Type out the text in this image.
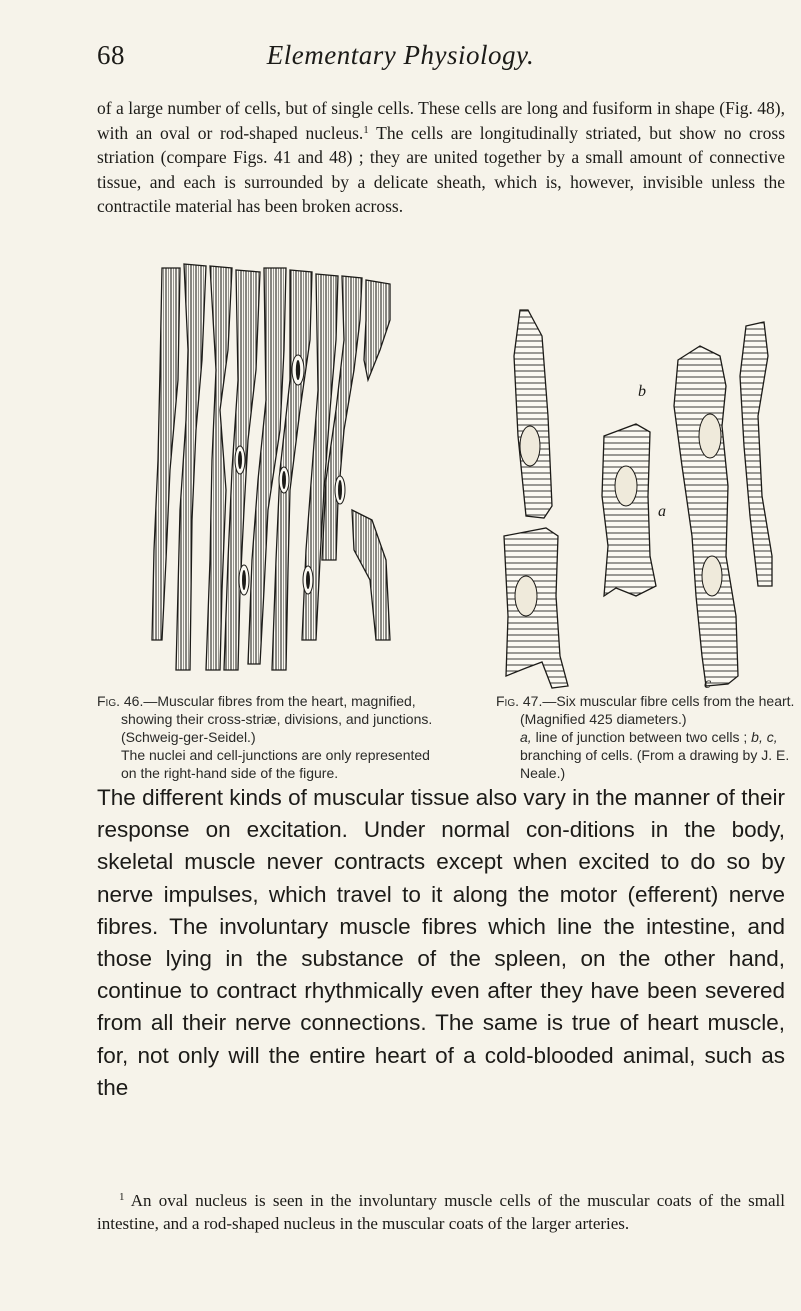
68	Elementary Physiology.

of a large number of cells, but of single cells. These cells are long and fusiform in shape (Fig. 48), with an oval or rod-shaped nucleus.$^1$ The cells are longitudinally striated, but show no cross striation (compare Figs. 41 and 48) ; they are united together by a small amount of connective tissue, and each is surrounded by a delicate sheath, which is, however, invisible unless the contractile material has been broken across.

b
a
c

Fig. 46.—Muscular fibres from the heart, magnified, showing their cross-striæ, divisions, and junctions. (Schweig-ger-Seidel.)
The nuclei and cell-junctions are only represented on the right-hand side of the figure.

Fig. 47.—Six muscular fibre cells from the heart. (Magnified 425 diameters.)
a, line of junction between two cells ; b, c, branching of cells. (From a drawing by J. E. Neale.)

The different kinds of muscular tissue also vary in the manner of their response on excitation. Under normal con-ditions in the body, skeletal muscle never contracts except when excited to do so by nerve impulses, which travel to it along the motor (efferent) nerve fibres. The involuntary muscle fibres which line the intestine, and those lying in the substance of the spleen, on the other hand, continue to contract rhythmically even after they have been severed from all their nerve connections. The same is true of heart muscle, for, not only will the entire heart of a cold-blooded animal, such as the

$^1$ An oval nucleus is seen in the involuntary muscle cells of the muscular coats of the small intestine, and a rod-shaped nucleus in the muscular coats of the larger arteries.
